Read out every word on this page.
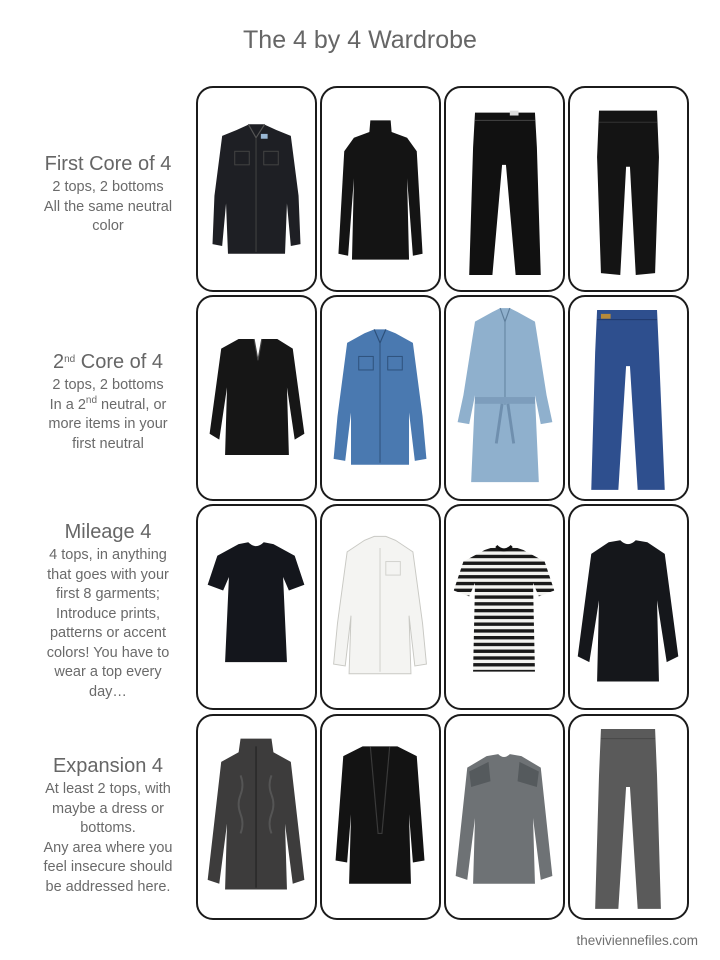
The 4 by 4 Wardrobe
First Core of 4
2 tops, 2 bottoms
All the same neutral
color
2nd Core of 4
2 tops, 2 bottoms
In a 2nd neutral, or
more items in your
first neutral
Mileage 4
4 tops, in anything
that goes with your
first 8 garments;
Introduce prints,
patterns or accent
colors! You have to
wear a top every
day…
Expansion 4
At least 2 tops, with
maybe a dress or
bottoms.
Any area where you
feel insecure should
be addressed here.
theviviennefiles.com
